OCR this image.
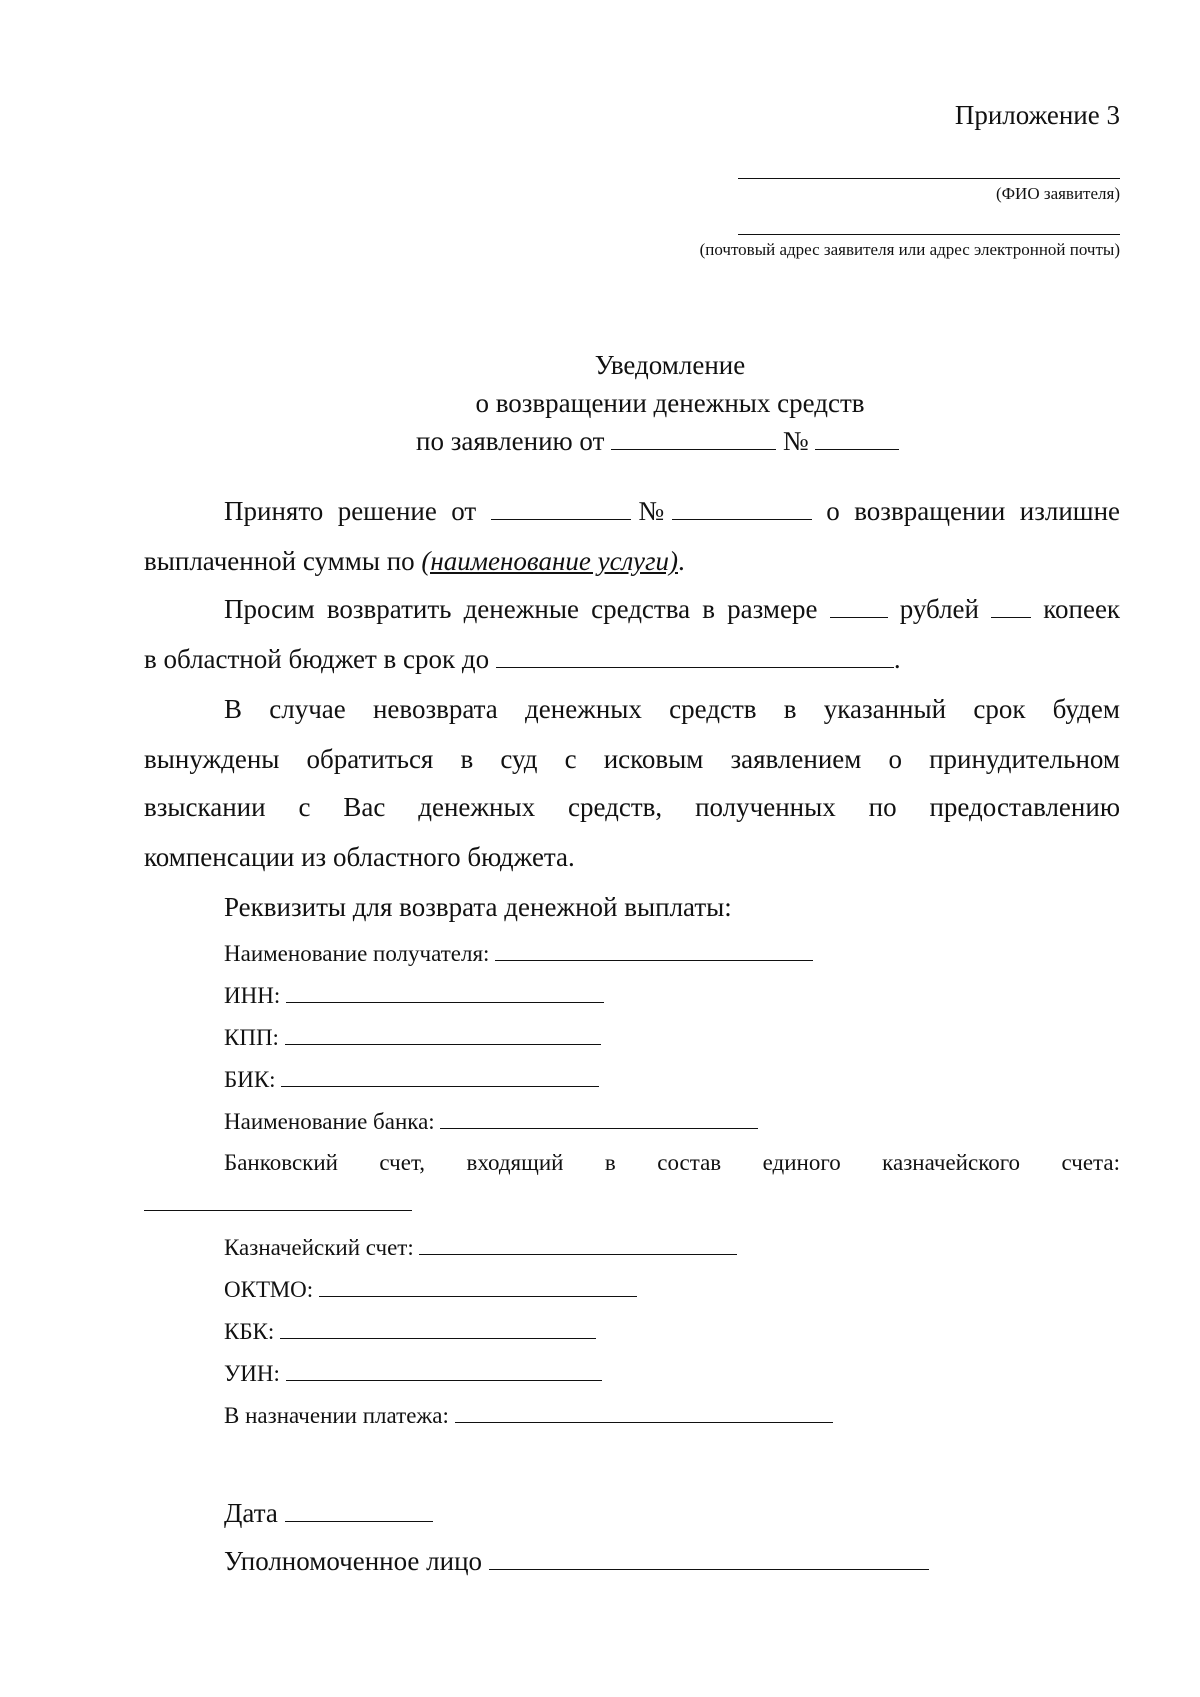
Приложение 3
(ФИО заявителя)
(почтовый адрес заявителя или адрес электронной почты)
Уведомление
о возвращении денежных средств
по заявлению от	№
Принято решение от	№	о возвращении излишне
выплаченной суммы по (наименование услуги).
Просим возвратить денежные средства в размере	рублей копеек
в областной бюджет в срок до	.
В случае невозврата денежных средств в указанный срок будем
вынуждены обратиться в суд с исковым заявлением о принудительном
взыскании с Вас денежных средств, полученных по предоставлению
компенсации из областного бюджета.
Реквизиты для возврата денежной выплаты:
Наименование получателя:
ИНН:
КПП:
БИК:
Наименование банка:
Банковский счет, входящий в состав единого казначейского счета:
Казначейский счет:
ОКТМО:
КБК:
УИН:
В назначении платежа:
Дата
Уполномоченное лицо
